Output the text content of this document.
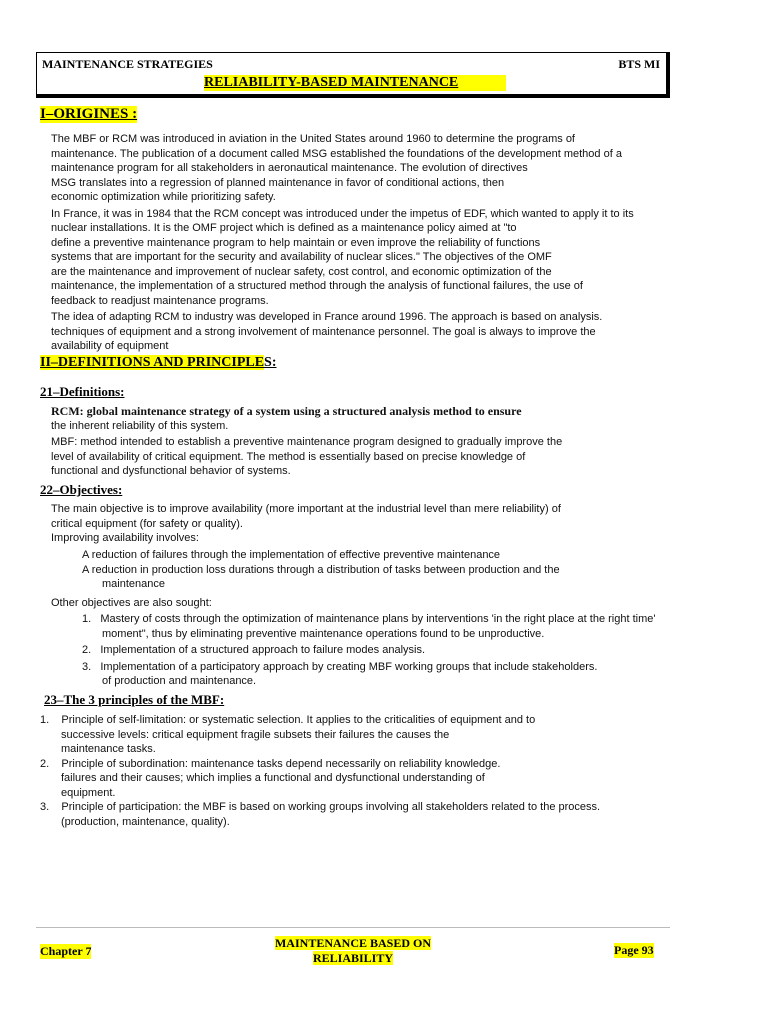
MAINTENANCE STRATEGIES	BTS MI
RELIABILITY-BASED MAINTENANCE
I–ORIGINES :
The MBF or RCM was introduced in aviation in the United States around 1960 to determine the programs of
maintenance. The publication of a document called MSG established the foundations of the development method of a
maintenance program for all stakeholders in aeronautical maintenance. The evolution of directives
MSG translates into a regression of planned maintenance in favor of conditional actions, then
economic optimization while prioritizing safety.
In France, it was in 1984 that the RCM concept was introduced under the impetus of EDF, which wanted to apply it to its
nuclear installations. It is the OMF project which is defined as a maintenance policy aimed at "to
define a preventive maintenance program to help maintain or even improve the reliability of functions
systems that are important for the security and availability of nuclear slices." The objectives of the OMF
are the maintenance and improvement of nuclear safety, cost control, and economic optimization of the
maintenance, the implementation of a structured method through the analysis of functional failures, the use of
feedback to readjust maintenance programs.
The idea of adapting RCM to industry was developed in France around 1996. The approach is based on analysis.
techniques of equipment and a strong involvement of maintenance personnel. The goal is always to improve the
availability of equipment
II–DEFINITIONS AND PRINCIPLES:
21–Definitions:
RCM: global maintenance strategy of a system using a structured analysis method to ensure
the inherent reliability of this system.
MBF: method intended to establish a preventive maintenance program designed to gradually improve the
level of availability of critical equipment. The method is essentially based on precise knowledge of
functional and dysfunctional behavior of systems.
22–Objectives:
The main objective is to improve availability (more important at the industrial level than mere reliability) of
critical equipment (for safety or quality).
Improving availability involves:
A reduction of failures through the implementation of effective preventive maintenance
A reduction in production loss durations through a distribution of tasks between production and the
maintenance
Other objectives are also sought:
1.   Mastery of costs through the optimization of maintenance plans by interventions 'in the right place at the right time'
moment", thus by eliminating preventive maintenance operations found to be unproductive.
2.   Implementation of a structured approach to failure modes analysis.
3.   Implementation of a participatory approach by creating MBF working groups that include stakeholders.
of production and maintenance.
23–The 3 principles of the MBF:
1.    Principle of self-limitation: or systematic selection. It applies to the criticalities of equipment and to
successive levels: critical equipment fragile subsets their failures the causes the
maintenance tasks.
2.    Principle of subordination: maintenance tasks depend necessarily on reliability knowledge.
failures and their causes; which implies a functional and dysfunctional understanding of
equipment.
3.    Principle of participation: the MBF is based on working groups involving all stakeholders related to the process.
(production, maintenance, quality).
Chapter 7
MAINTENANCE BASED ON
RELIABILITY
Page 93
